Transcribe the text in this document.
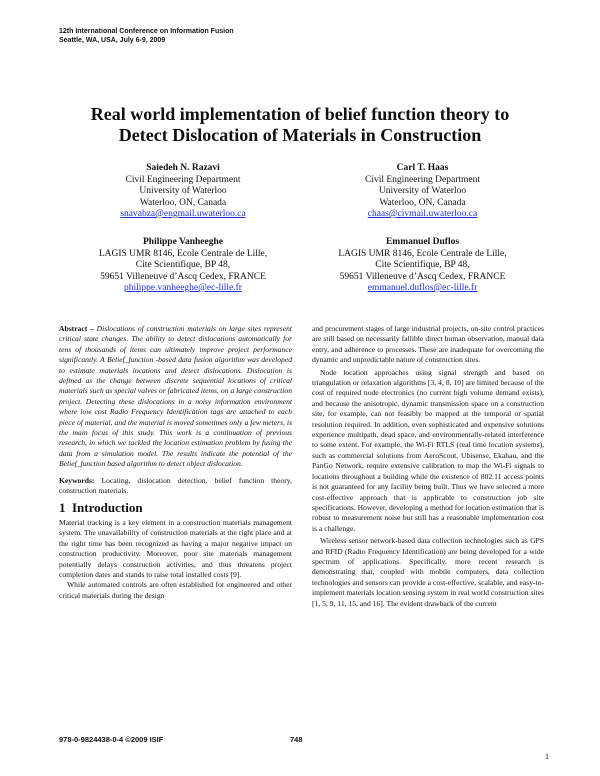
12th International Conference on Information Fusion
Seattle, WA, USA, July 6-9, 2009
Real world implementation of belief function theory to
Detect Dislocation of Materials in Construction
Saiedeh N. Razavi
Civil Engineering Department
University of Waterloo
Waterloo, ON, Canada
snavabza@engmail.uwaterloo.ca
Carl T. Haas
Civil Engineering Department
University of Waterloo
Waterloo, ON, Canada
chaas@civmail.uwaterloo.ca
Philippe Vanheeghe
LAGIS UMR 8146, Ecole Centrale de Lille,
Cite Scientifique, BP 48,
59651 Villeneuve d’Ascq Cedex, FRANCE
philippe.vanheeghe@ec-lille.fr
Emmanuel Duflos
LAGIS UMR 8146, Ecole Centrale de Lille,
Cite Scientifique, BP 48,
59651 Villeneuve d’Ascq Cedex, FRANCE
emmanuel.duflos@ec-lille.fr

Abstract – Dislocations of construction materials on large sites represent critical state changes. The ability to detect dislocations automatically for tens of thousands of items can ultimately improve project performance significantly. A Belief_function -based data fusion algorithm was developed to estimate materials locations and detect dislocations. Dislocation is defined as the change between discrete sequential locations of critical materials such as special valves or fabricated items, on a large construction project. Detecting these dislocations in a noisy information environment where low cost Radio Frequency Identification tags are attached to each piece of material, and the material is moved sometimes only a few meters, is the main focus of this study. This work is a continuation of previous research, in which we tackled the location estimation problem by fusing the data from a simulation model. The results indicate the potential of the Belief_function based algorithm to detect object dislocation.

Keywords: Locating, dislocation detection, belief function theory, construction materials.

1 Introduction

Material tracking is a key element in a construction materials management system. The unavailability of construction materials at the right place and at the right time has been recognized as having a major negative impact on construction productivity. Moreover, poor site materials management potentially delays construction activities, and thus threatens project completion dates and stands to raise total installed costs [9].

While automated controls are often established for engineered and other critical materials during the design

and procurement stages of large industrial projects, on-site control practices are still based on necessarily fallible direct human observation, manual data entry, and adherence to processes. These are inadequate for overcoming the dynamic and unpredictable nature of construction sites.

Node location approaches using signal strength and based on triangulation or relaxation algorithms [3, 4, 8, 10] are limited because of the cost of required node electronics (no current high volume demand exists), and because the anisotropic, dynamic transmission space on a construction site, for example, can not feasibly be mapped at the temporal or spatial resolution required. In addition, even sophisticated and expensive solutions experience multipath, dead space, and environmentally-related interference to some extent. For example, the Wi-Fi RTLS (real time location systems), such as commercial solutions from AeroScout, Ubisense, Ekahau, and the PanGo Network, require extensive calibration to map the Wi-Fi signals to locations throughout a building while the existence of 802.11 access points is not guaranteed for any facility being built. Thus we have selected a more cost-effective approach that is applicable to construction job site specifications. However, developing a method for location estimation that is robust to measurement noise but still has a reasonable implementation cost is a challenge.

Wireless sensor network-based data collection technologies such as GPS and RFID (Radio Frequency Identification) are being developed for a wide spectrum of applications. Specifically, more recent research is demonstrating that, coupled with mobile computers, data collection technologies and sensors can provide a cost-effective, scalable, and easy-to-implement materials location sensing system in real world construction sites [1, 5, 9, 11, 15, and 16]. The evident drawback of the current

978-0-9824438-0-4 ©2009 ISIF	748
1
